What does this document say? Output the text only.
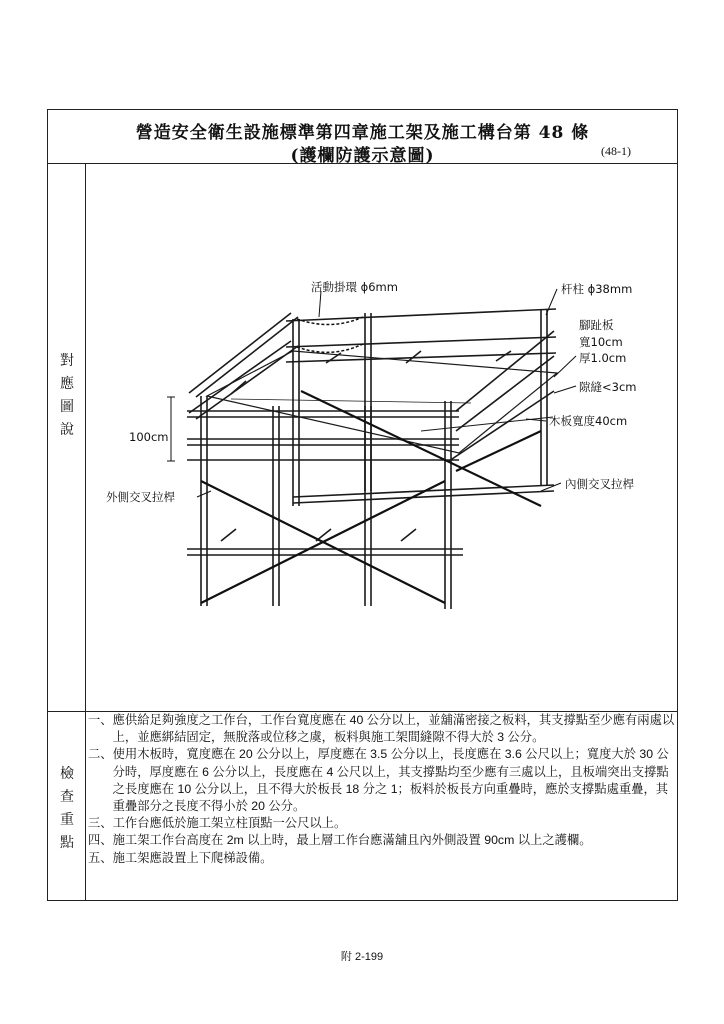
營造安全衛生設施標準第四章施工架及施工構台第 48 條
(護欄防護示意圖)	(48-1)
對
應
圖
說
檢
查
重
點
活動掛環 ϕ6mm	杆柱 ϕ38mm
腳趾板
寬10cm
厚1.0cm
隙縫<3cm
木板寬度40cm
100cm
外側交叉拉桿
內側交叉拉桿
一、 應供給足夠強度之工作台，工作台寬度應在 40 公分以上，並舖滿密接之板料，其支撐點至少應有兩處以上，並應綁結固定，無脫落或位移之虞，板料與施工架間縫隙不得大於 3 公分。
二、 使用木板時，寬度應在 20 公分以上，厚度應在 3.5 公分以上，長度應在 3.6 公尺以上；寬度大於 30 公分時，厚度應在 6 公分以上，長度應在 4 公尺以上，其支撐點均至少應有三處以上，且板端突出支撐點之長度應在 10 公分以上，且不得大於板長 18 分之 1；板料於板長方向重疊時，應於支撐點處重疊，其重疊部分之長度不得小於 20 公分。
三、 工作台應低於施工架立柱頂點一公尺以上。
四、 施工架工作台高度在 2m 以上時，最上層工作台應滿舖且內外側設置 90cm 以上之護欄。
五、 施工架應設置上下爬梯設備。
附 2-199
